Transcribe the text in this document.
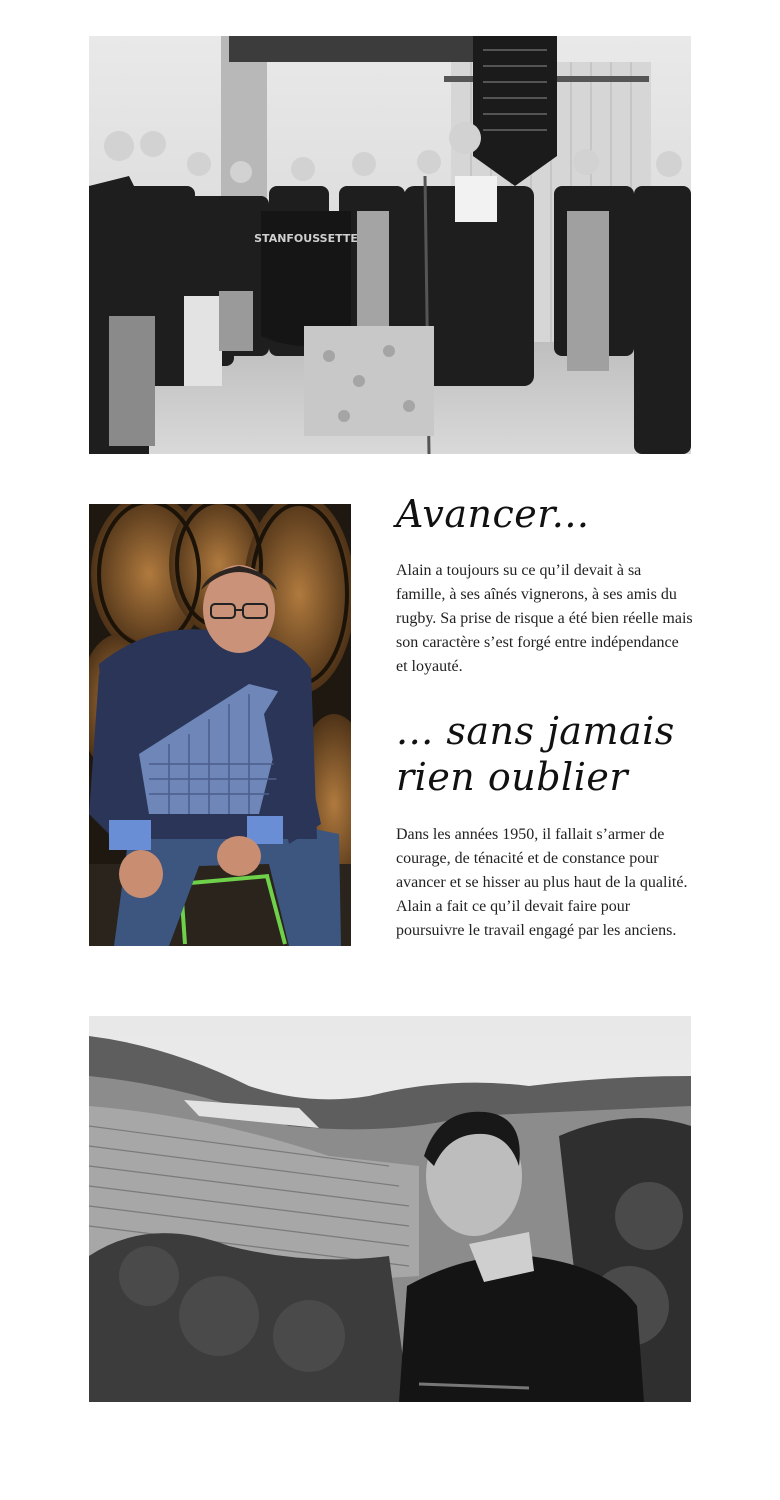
STANFOUSSETTE
Avancer...

Alain a toujours su ce qu’il devait à sa famille, à ses aînés vignerons, à ses amis du rugby. Sa prise de risque a été bien réelle mais son caractère s’est forgé entre indépendance et loyauté.

... sans jamais rien oublier

Dans les années 1950, il fallait s’armer de courage, de ténacité et de constance pour avancer et se hisser au plus haut de la qualité. Alain a fait ce qu’il devait faire pour poursuivre le travail engagé par les anciens.
